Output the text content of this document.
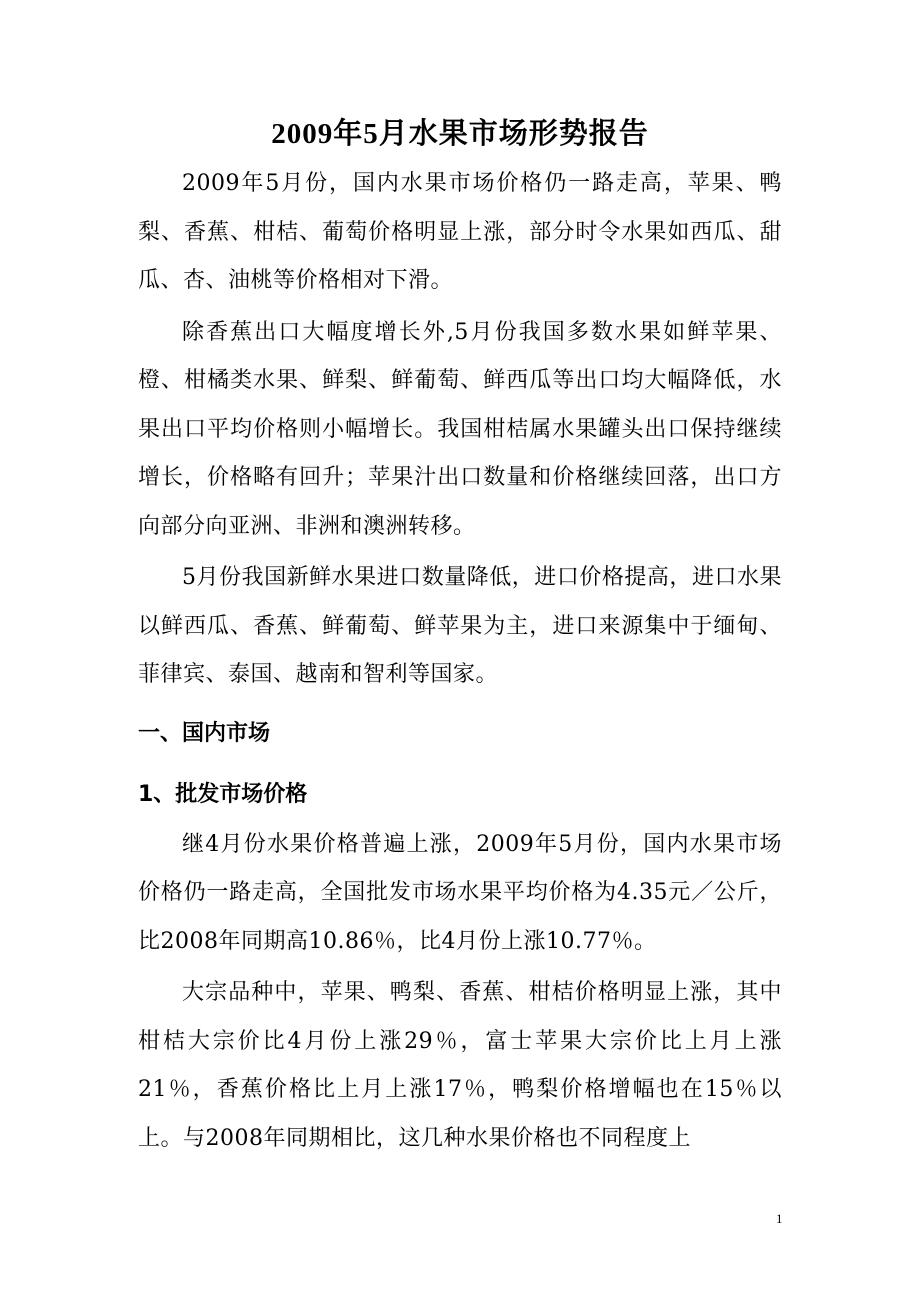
2009年5月水果市场形势报告

2009年5月份，国内水果市场价格仍一路走高，苹果、鸭梨、香蕉、柑桔、葡萄价格明显上涨，部分时令水果如西瓜、甜瓜、杏、油桃等价格相对下滑。

除香蕉出口大幅度增长外,5月份我国多数水果如鲜苹果、橙、柑橘类水果、鲜梨、鲜葡萄、鲜西瓜等出口均大幅降低，水果出口平均价格则小幅增长。我国柑桔属水果罐头出口保持继续增长，价格略有回升；苹果汁出口数量和价格继续回落，出口方向部分向亚洲、非洲和澳洲转移。

5月份我国新鲜水果进口数量降低，进口价格提高，进口水果以鲜西瓜、香蕉、鲜葡萄、鲜苹果为主，进口来源集中于缅甸、菲律宾、泰国、越南和智利等国家。

一、国内市场
1、批发市场价格

继4月份水果价格普遍上涨，2009年5月份，国内水果市场价格仍一路走高，全国批发市场水果平均价格为4.35元／公斤，比2008年同期高10.86％，比4月份上涨10.77％。

大宗品种中，苹果、鸭梨、香蕉、柑桔价格明显上涨，其中柑桔大宗价比4月份上涨29％，富士苹果大宗价比上月上涨21％，香蕉价格比上月上涨17％，鸭梨价格增幅也在15％以上。与2008年同期相比，这几种水果价格也不同程度上

1
